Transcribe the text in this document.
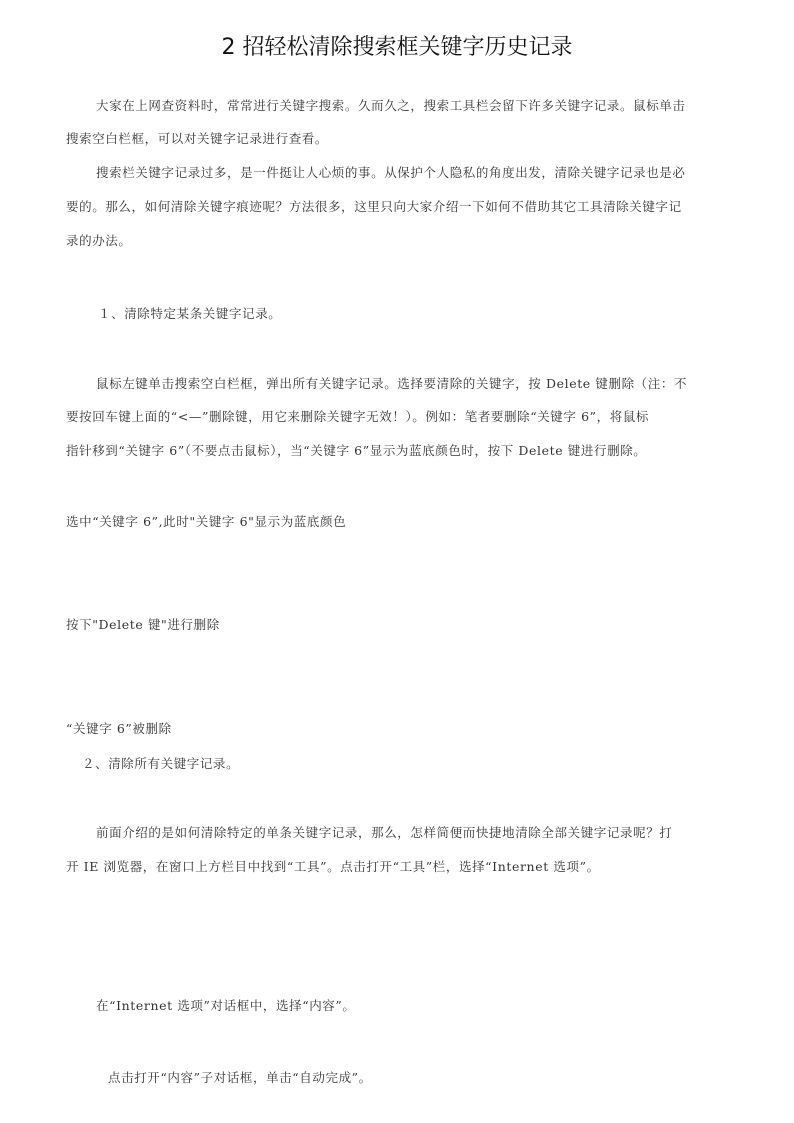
2 招轻松清除搜索框关键字历史记录
大家在上网查资料时，常常进行关键字搜索。久而久之，搜索工具栏会留下许多关键字记录。鼠标单击
搜索空白栏框，可以对关键字记录进行查看。
搜索栏关键字记录过多，是一件挺让人心烦的事。从保护个人隐私的角度出发，清除关键字记录也是必
要的。那么，如何清除关键字痕迹呢？方法很多，这里只向大家介绍一下如何不借助其它工具清除关键字记
录的办法。
１、清除特定某条关键字记录。
鼠标左键单击搜索空白栏框，弹出所有关键字记录。选择要清除的关键字，按 Delete 键删除（注：不
要按回车键上面的“<—”删除键，用它来删除关键字无效！）。例如：笔者要删除“关键字 6”，将鼠标
指针移到“关键字 6”（不要点击鼠标），当“关键字 6”显示为蓝底颜色时，按下 Delete 键进行删除。
选中“关键字 6”,此时"关键字 6"显示为蓝底颜色
按下"Delete 键"进行删除
“关键字 6”被删除
２、清除所有关键字记录。
前面介绍的是如何清除特定的单条关键字记录，那么，怎样简便而快捷地清除全部关键字记录呢？打
开 IE 浏览器，在窗口上方栏目中找到“工具”。点击打开“工具”栏，选择“Internet 选项”。
在“Internet 选项”对话框中，选择“内容”。
点击打开“内容”子对话框，单击“自动完成”。
